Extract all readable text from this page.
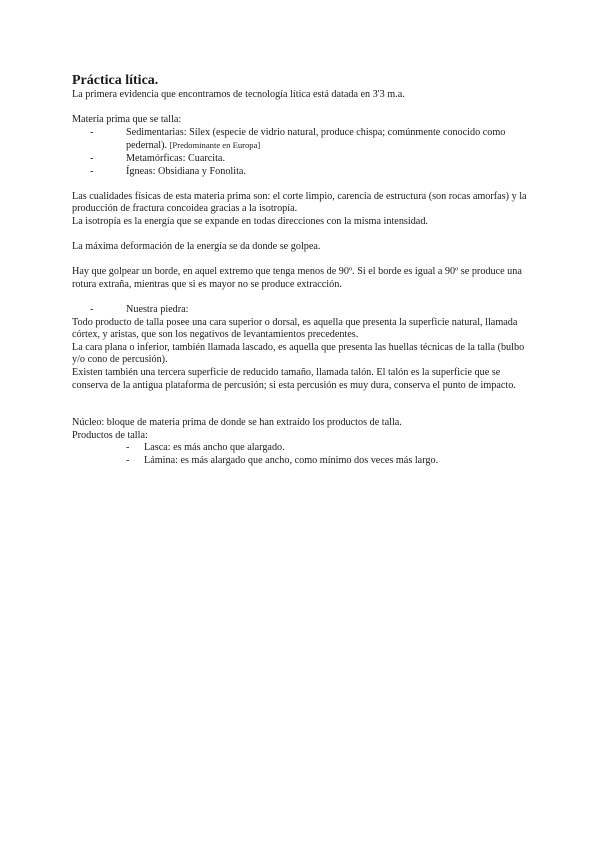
Práctica lítica.

La primera evidencia que encontramos de tecnología lítica está datada en 3'3 m.a.

Materia prima que se talla:

-	Sedimentarias: Sílex (especie de vidrio natural, produce chispa; comúnmente conocido como pedernal). [Predominante en Europa]
-	Metamórficas: Cuarcita.
-	Ígneas: Obsidiana y Fonolita.

Las cualidades físicas de esta materia prima son: el corte limpio, carencia de estructura (son rocas amorfas) y la producción de fractura concoidea gracias a la isotropía.

La isotropía es la energía que se expande en todas direcciones con la misma intensidad.

La máxima deformación de la energía se da donde se golpea.

Hay que golpear un borde, en aquel extremo que tenga menos de 90º. Si el borde es igual a 90º se produce una rotura extraña, mientras que si es mayor no se produce extracción.

-	Nuestra piedra:

Todo producto de talla posee una cara superior o dorsal, es aquella que presenta la superficie natural, llamada córtex, y aristas, que son los negativos de levantamientos precedentes.

La cara plana o inferior, también llamada lascado, es aquella que presenta las huellas técnicas de la talla (bulbo y/o cono de percusión).

Existen también una tercera superficie de reducido tamaño, llamada talón. El talón es la superficie que se conserva de la antigua plataforma de percusión; si esta percusión es muy dura, conserva el punto de impacto.

Núcleo: bloque de materia prima de donde se han extraído los productos de talla.

Productos de talla:

- Lasca: es más ancho que alargado.
- Lámina: es más alargado que ancho, como mínimo dos veces más largo.
